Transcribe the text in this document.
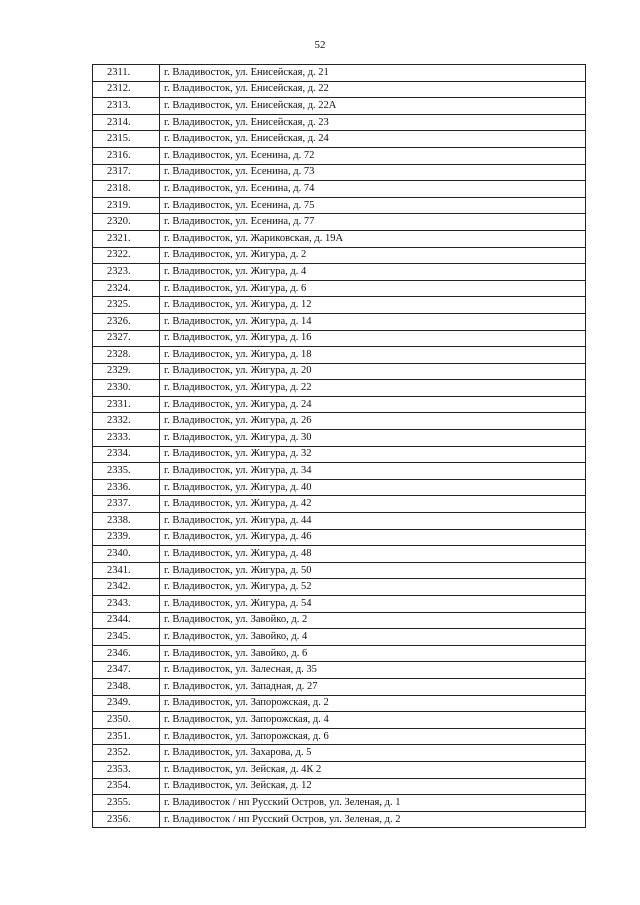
52
2311.	г. Владивосток, ул. Енисейская, д. 21
2312.	г. Владивосток, ул. Енисейская, д. 22
2313.	г. Владивосток, ул. Енисейская, д. 22А
2314.	г. Владивосток, ул. Енисейская, д. 23
2315.	г. Владивосток, ул. Енисейская, д. 24
2316.	г. Владивосток, ул. Есенина, д. 72
2317.	г. Владивосток, ул. Есенина, д. 73
2318.	г. Владивосток, ул. Есенина, д. 74
2319.	г. Владивосток, ул. Есенина, д. 75
2320.	г. Владивосток, ул. Есенина, д. 77
2321.	г. Владивосток, ул. Жариковская, д. 19А
2322.	г. Владивосток, ул. Жигура, д. 2
2323.	г. Владивосток, ул. Жигура, д. 4
2324.	г. Владивосток, ул. Жигура, д. 6
2325.	г. Владивосток, ул. Жигура, д. 12
2326.	г. Владивосток, ул. Жигура, д. 14
2327.	г. Владивосток, ул. Жигура, д. 16
2328.	г. Владивосток, ул. Жигура, д. 18
2329.	г. Владивосток, ул. Жигура, д. 20
2330.	г. Владивосток, ул. Жигура, д. 22
2331.	г. Владивосток, ул. Жигура, д. 24
2332.	г. Владивосток, ул. Жигура, д. 26
2333.	г. Владивосток, ул. Жигура, д. 30
2334.	г. Владивосток, ул. Жигура, д. 32
2335.	г. Владивосток, ул. Жигура, д. 34
2336.	г. Владивосток, ул. Жигура, д. 40
2337.	г. Владивосток, ул. Жигура, д. 42
2338.	г. Владивосток, ул. Жигура, д. 44
2339.	г. Владивосток, ул. Жигура, д. 46
2340.	г. Владивосток, ул. Жигура, д. 48
2341.	г. Владивосток, ул. Жигура, д. 50
2342.	г. Владивосток, ул. Жигура, д. 52
2343.	г. Владивосток, ул. Жигура, д. 54
2344.	г. Владивосток, ул. Завойко, д. 2
2345.	г. Владивосток, ул. Завойко, д. 4
2346.	г. Владивосток, ул. Завойко, д. 6
2347.	г. Владивосток, ул. Залесная, д. 35
2348.	г. Владивосток, ул. Западная, д. 27
2349.	г. Владивосток, ул. Запорожская, д. 2
2350.	г. Владивосток, ул. Запорожская, д. 4
2351.	г. Владивосток, ул. Запорожская, д. 6
2352.	г. Владивосток, ул. Захарова, д. 5
2353.	г. Владивосток, ул. Зейская, д. 4К 2
2354.	г. Владивосток, ул. Зейская, д. 12
2355.	г. Владивосток / нп Русский Остров, ул. Зеленая, д. 1
2356.	г. Владивосток / нп Русский Остров, ул. Зеленая, д. 2
